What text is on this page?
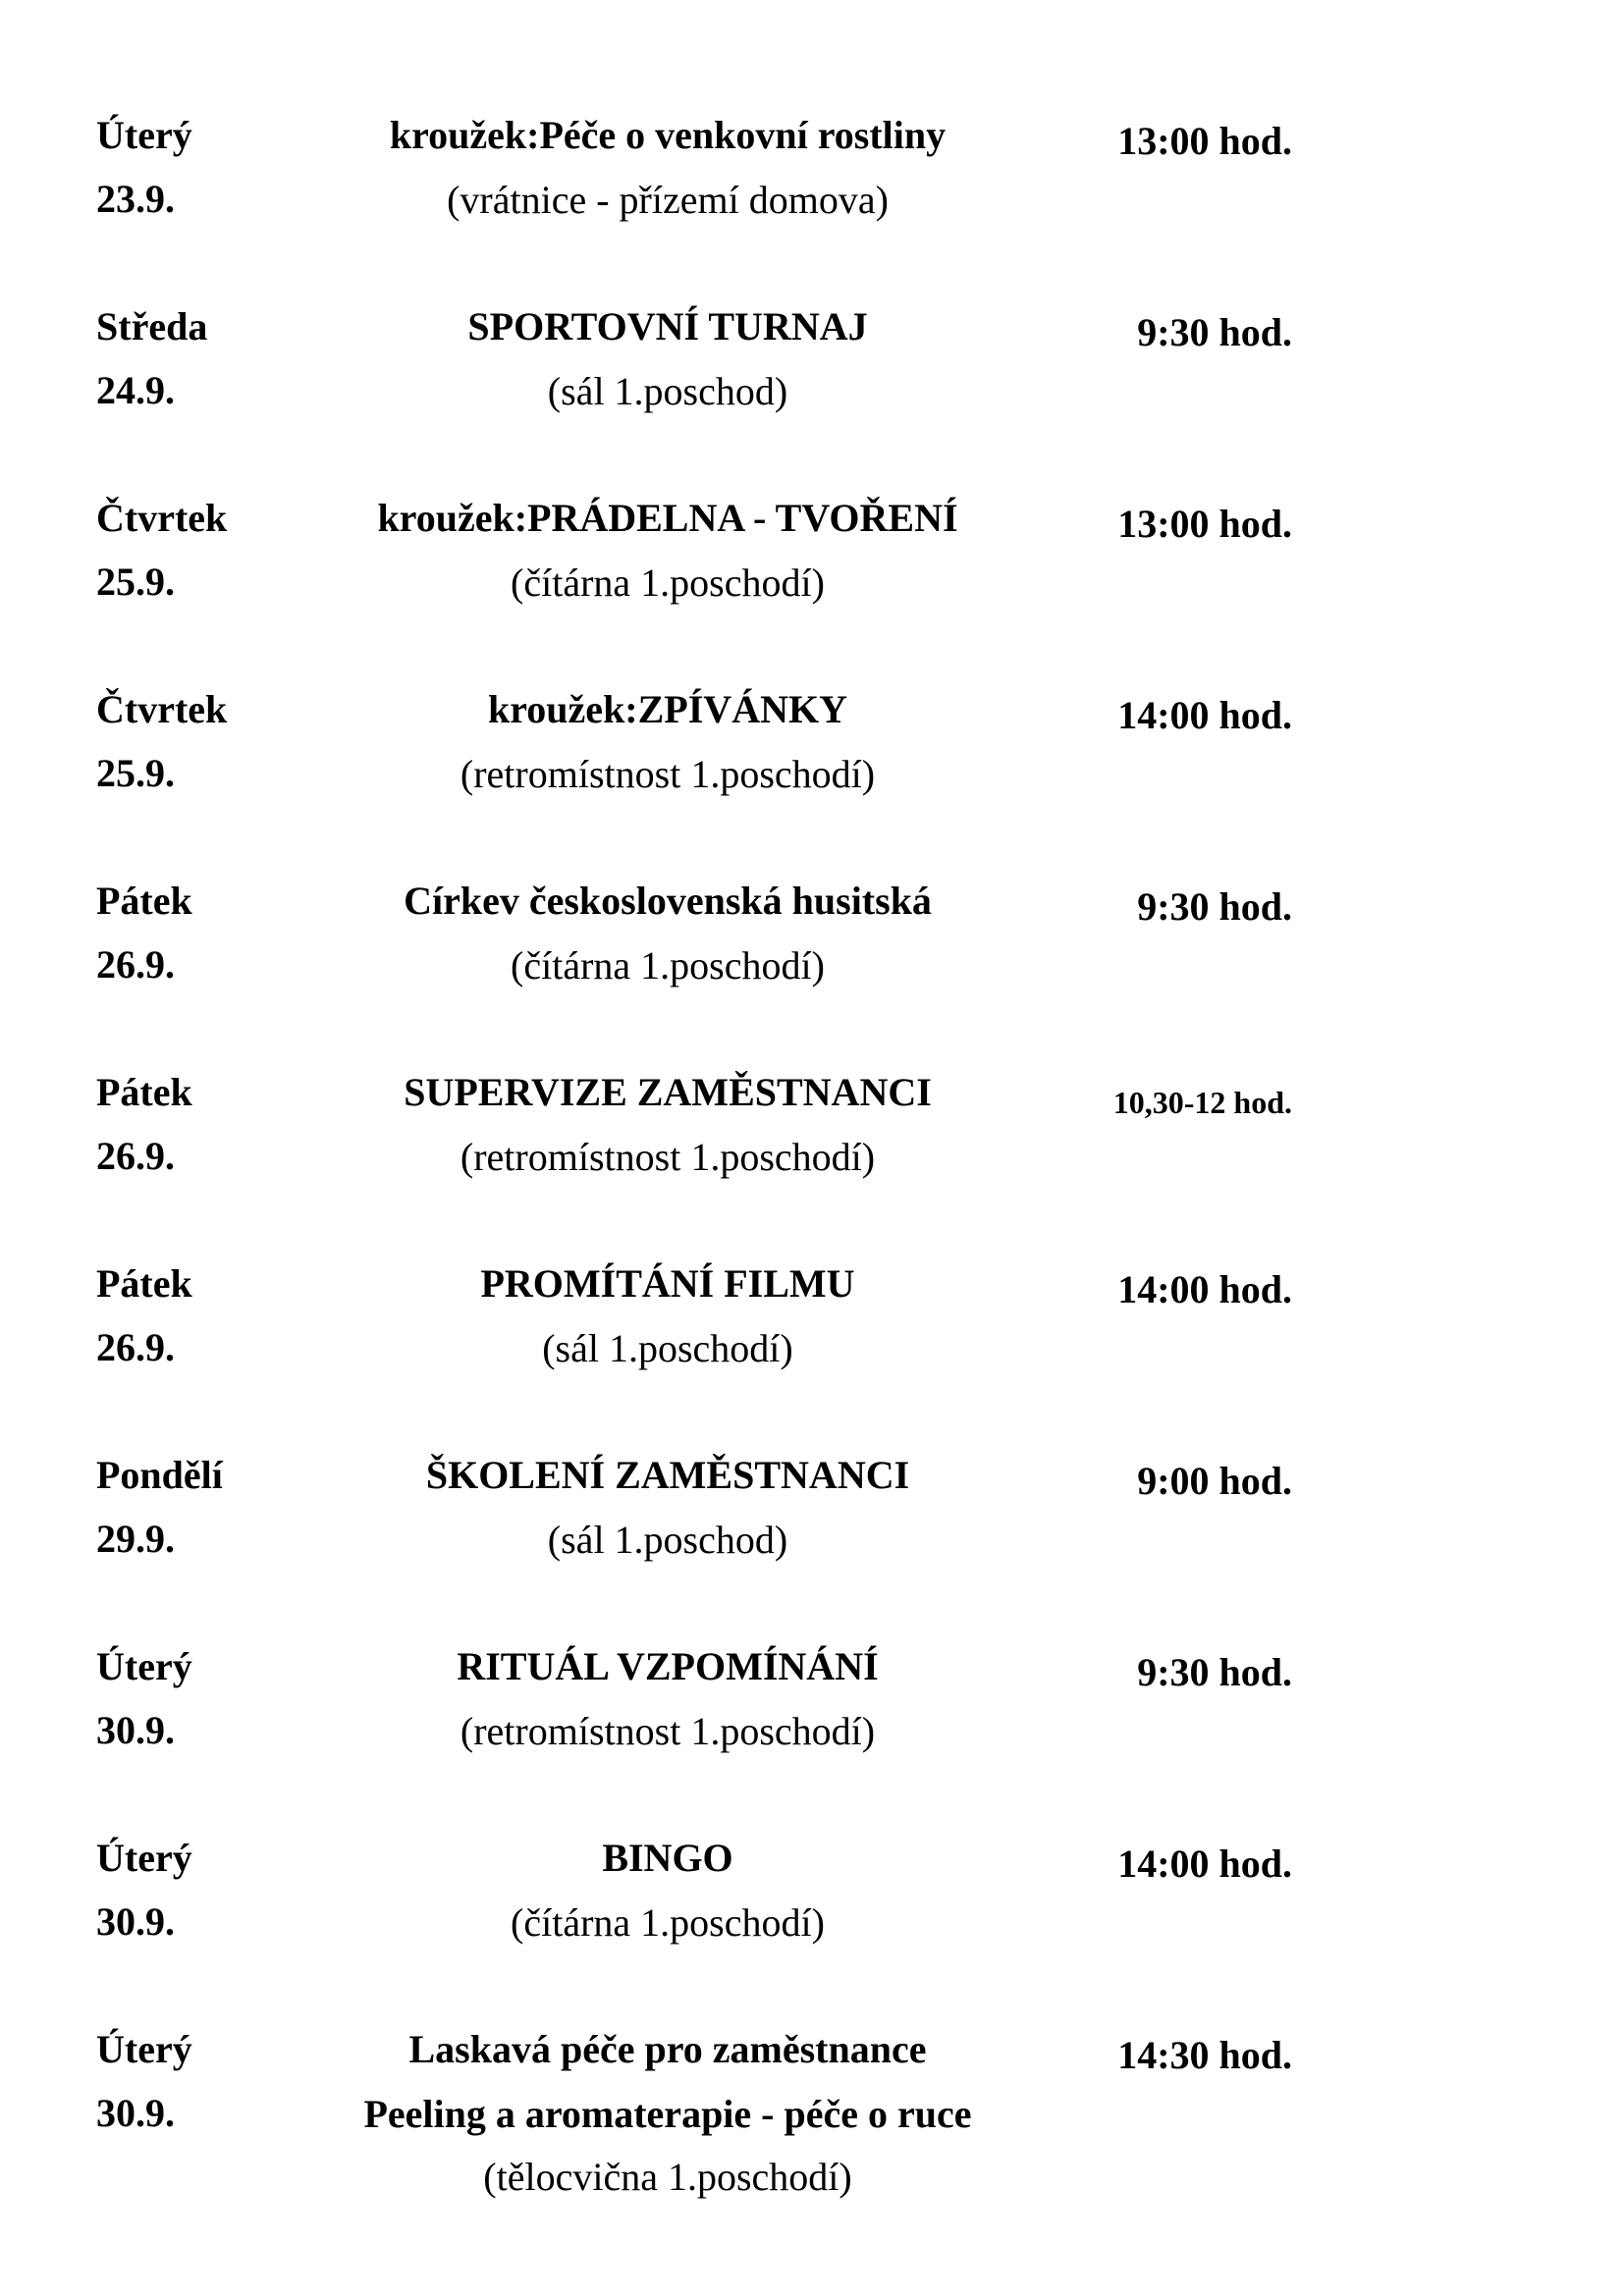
Úterý
23.9.
kroužek:Péče o venkovní rostliny
(vrátnice - přízemí domova)
13:00 hod.
Středa
24.9.
SPORTOVNÍ TURNAJ
(sál 1.poschod)
9:30 hod.
Čtvrtek
25.9.
kroužek:PRÁDELNA - TVOŘENÍ
(čítárna 1.poschodí)
13:00 hod.
Čtvrtek
25.9.
kroužek:ZPÍVÁNKY
(retromístnost 1.poschodí)
14:00 hod.
Pátek
26.9.
Církev československá husitská
(čítárna 1.poschodí)
9:30 hod.
Pátek
26.9.
SUPERVIZE ZAMĚSTNANCI
(retromístnost 1.poschodí)
10,30-12 hod.
Pátek
26.9.
PROMÍTÁNÍ FILMU
(sál 1.poschodí)
14:00 hod.
Pondělí
29.9.
ŠKOLENÍ ZAMĚSTNANCI
(sál 1.poschod)
9:00 hod.
Úterý
30.9.
RITUÁL VZPOMÍNÁNÍ
(retromístnost 1.poschodí)
9:30 hod.
Úterý
30.9.
BINGO
(čítárna 1.poschodí)
14:00 hod.
Úterý
30.9.
Laskavá péče pro zaměstnance
Peeling a aromaterapie - péče o ruce
(tělocvična 1.poschodí)
14:30 hod.
